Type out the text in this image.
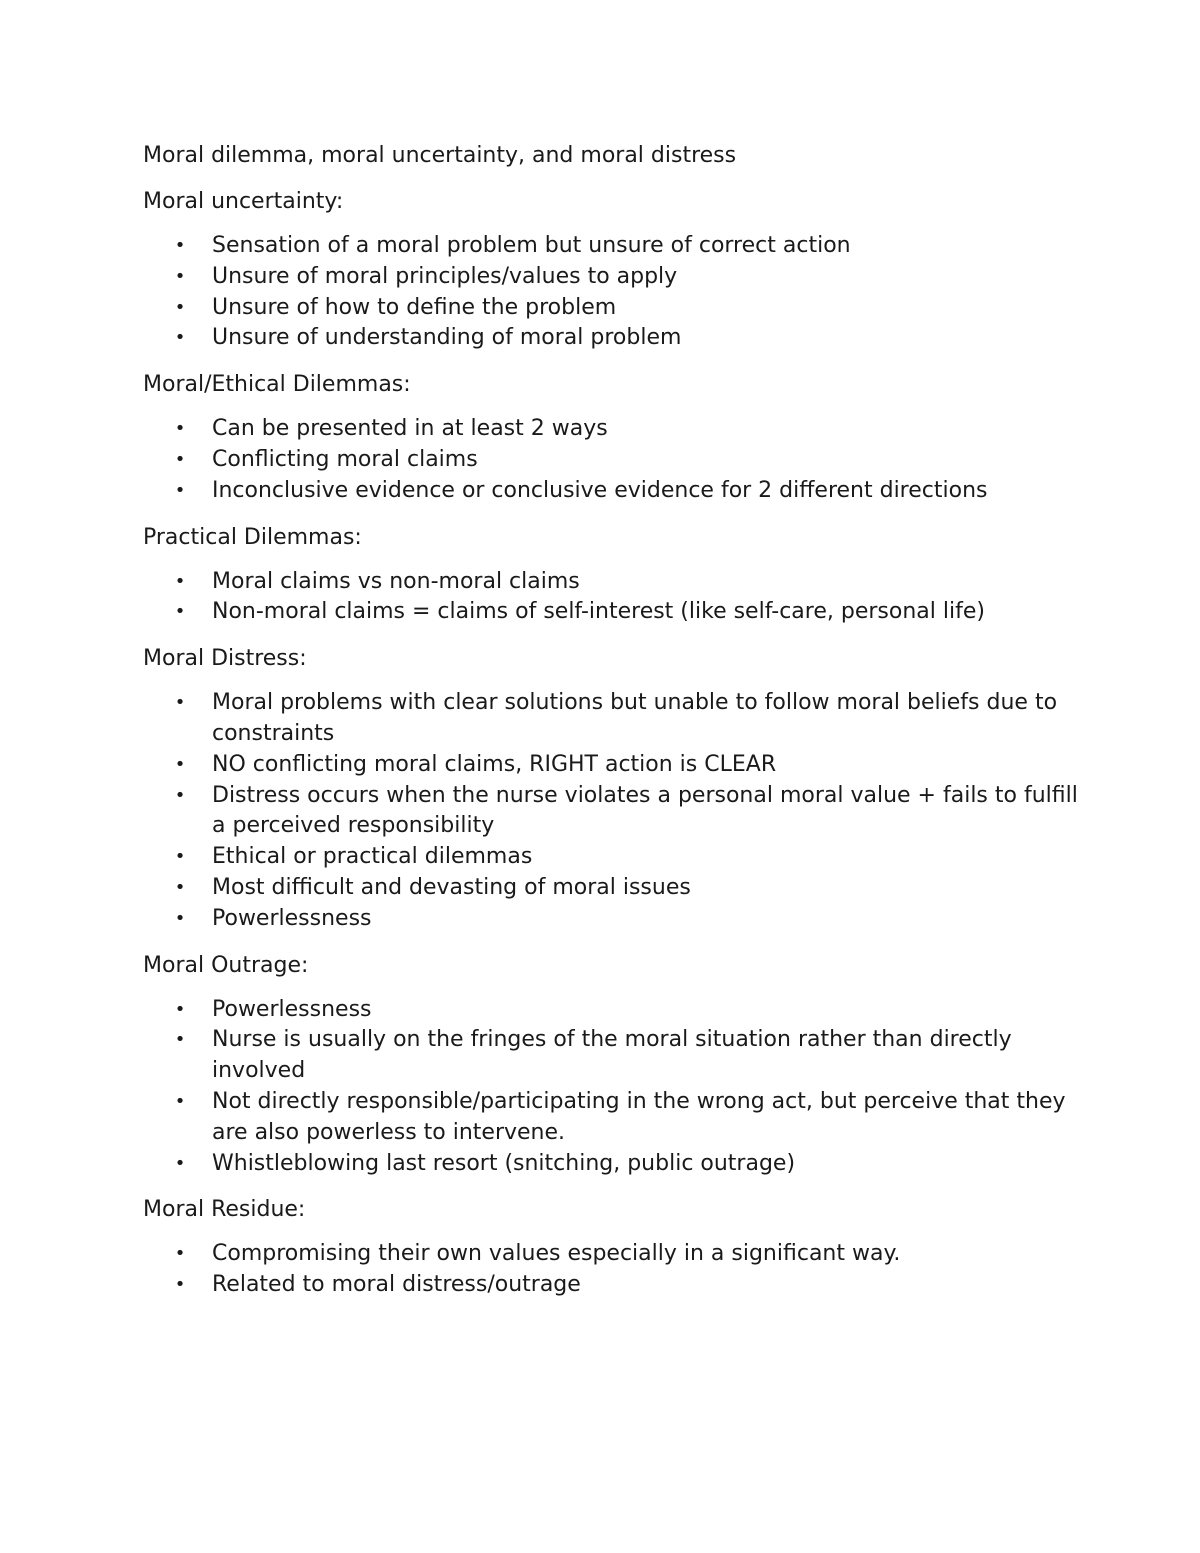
Moral dilemma, moral uncertainty, and moral distress

Moral uncertainty:

• Sensation of a moral problem but unsure of correct action
• Unsure of moral principles/values to apply
• Unsure of how to define the problem
• Unsure of understanding of moral problem

Moral/Ethical Dilemmas:

• Can be presented in at least 2 ways
• Conflicting moral claims
• Inconclusive evidence or conclusive evidence for 2 different directions

Practical Dilemmas:

• Moral claims vs non-moral claims
• Non-moral claims = claims of self-interest (like self-care, personal life)

Moral Distress:

• Moral problems with clear solutions but unable to follow moral beliefs due to constraints
• NO conflicting moral claims, RIGHT action is CLEAR
• Distress occurs when the nurse violates a personal moral value + fails to fulfill a perceived responsibility
• Ethical or practical dilemmas
• Most difficult and devasting of moral issues
• Powerlessness

Moral Outrage:

• Powerlessness
• Nurse is usually on the fringes of the moral situation rather than directly involved
• Not directly responsible/participating in the wrong act, but perceive that they are also powerless to intervene.
• Whistleblowing last resort (snitching, public outrage)

Moral Residue:

• Compromising their own values especially in a significant way.
• Related to moral distress/outrage
